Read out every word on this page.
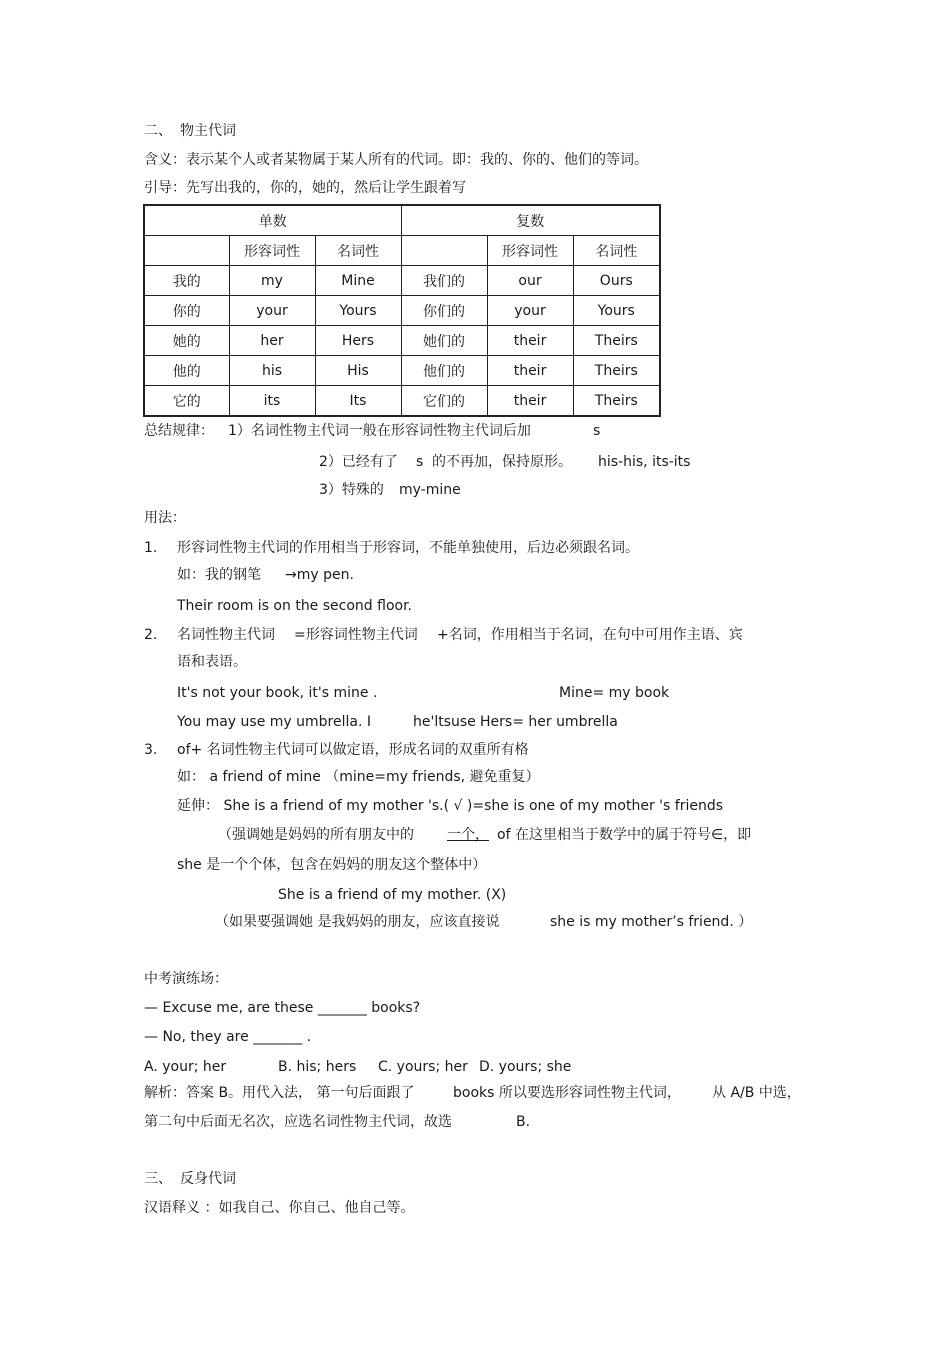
二、 物主代词
含义：表示某个人或者某物属于某人所有的代词。即：我的、你的、他们的等词。
引导：先写出我的，你的，她的，然后让学生跟着写
单数			复数		
	形容词性	名词性		形容词性	名词性
我的	my	Mine	我们的	our	Ours
你的	your	Yours	你们的	your	Yours
她的	her	Hers	她们的	their	Theirs
他的	his	His	他们的	their	Theirs
它的	its	Its	它们的	their	Theirs
总结规律： 1）名词性物主代词一般在形容词性物主代词后加	s
2）已经有了 s 的不再加，保持原形。 his-his, its-its
3）特殊的 my-mine
用法：
1. 形容词性物主代词的作用相当于形容词，不能单独使用，后边必须跟名词。
如：我的钢笔 →my pen.
Their room is on the second floor.
2. 名词性物主代词 =形容词性物主代词 +名词，作用相当于名词，在句中可用作主语、宾
语和表语。
It's not your book, it's mine .	Mine= my book
You may use my umbrella. I	he'ltsuse Hers= her umbrella
3. of+ 名词性物主代词可以做定语，形成名词的双重所有格
如： a friend of mine （mine=my friends, 避免重复）
延伸： She is a friend of my mother 's.( √ )=she is one of my mother 's friends
（强调她是妈妈的所有朋友中的 一个， of 在这里相当于数学中的属于符号∈，即
she 是一个个体，包含在妈妈的朋友这个整体中）
She is a friend of my mother. (X)
（如果要强调她 是我妈妈的朋友，应该直接说	she is my mother’s friend. ）
中考演练场：
— Excuse me, are these _______ books?
— No, they are _______ .
A. your; her	B. his; hers C. yours; her D. yours; she
解析：答案 B。用代入法， 第一句后面跟了	books 所以要选形容词性物主代词， 从 A/B 中选，
第二句中后面无名次，应选名词性物主代词，故选	B.
三、 反身代词
汉语释义 ：如我自己、你自己、他自己等。
